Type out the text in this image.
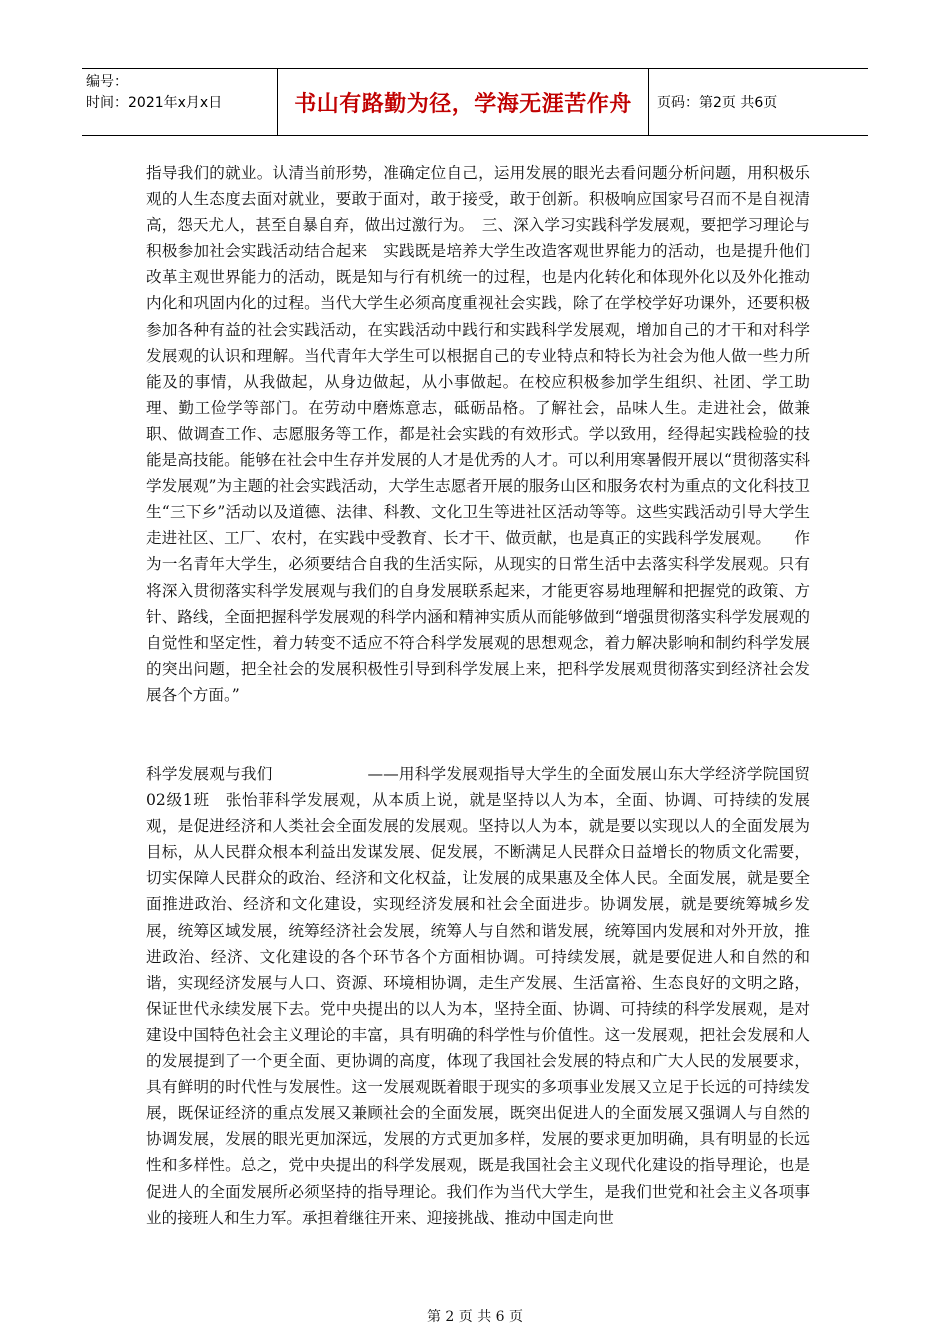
编号：
时间：2021年x月x日	书山有路勤为径，学海无涯苦作舟	页码：第2页 共6页
指导我们的就业。认清当前形势，准确定位自己，运用发展的眼光去看问题分析问题，用积极乐观的人生态度去面对就业，要敢于面对，敢于接受，敢于创新。积极响应国家号召而不是自视清高，怨天尤人，甚至自暴自弃，做出过激行为。　三、深入学习实践科学发展观，要把学习理论与积极参加社会实践活动结合起来　实践既是培养大学生改造客观世界能力的活动，也是提升他们改革主观世界能力的活动，既是知与行有机统一的过程，也是内化转化和体现外化以及外化推动内化和巩固内化的过程。当代大学生必须高度重视社会实践，除了在学校学好功课外，还要积极参加各种有益的社会实践活动，在实践活动中践行和实践科学发展观，增加自己的才干和对科学发展观的认识和理解。当代青年大学生可以根据自己的专业特点和特长为社会为他人做一些力所能及的事情，从我做起，从身边做起，从小事做起。在校应积极参加学生组织、社团、学工助理、勤工俭学等部门。在劳动中磨炼意志，砥砺品格。了解社会，品味人生。走进社会，做兼职、做调查工作、志愿服务等工作，都是社会实践的有效形式。学以致用，经得起实践检验的技能是高技能。能够在社会中生存并发展的人才是优秀的人才。可以利用寒暑假开展以“贯彻落实科学发展观”为主题的社会实践活动，大学生志愿者开展的服务山区和服务农村为重点的文化科技卫生“三下乡”活动以及道德、法律、科教、文化卫生等进社区活动等等。这些实践活动引导大学生走进社区、工厂、农村，在实践中受教育、长才干、做贡献，也是真正的实践科学发展观。　　作为一名青年大学生，必须要结合自我的生活实际，从现实的日常生活中去落实科学发展观。只有将深入贯彻落实科学发展观与我们的自身发展联系起来，才能更容易地理解和把握党的政策、方针、路线，全面把握科学发展观的科学内涵和精神实质从而能够做到“增强贯彻落实科学发展观的自觉性和坚定性，着力转变不适应不符合科学发展观的思想观念，着力解决影响和制约科学发展的突出问题，把全社会的发展积极性引导到科学发展上来，把科学发展观贯彻落实到经济社会发展各个方面。”
科学发展观与我们　　　　　　——用科学发展观指导大学生的全面发展山东大学经济学院国贸02级1班　张怡菲科学发展观，从本质上说，就是坚持以人为本，全面、协调、可持续的发展观，是促进经济和人类社会全面发展的发展观。坚持以人为本，就是要以实现以人的全面发展为目标，从人民群众根本利益出发谋发展、促发展，不断满足人民群众日益增长的物质文化需要，切实保障人民群众的政治、经济和文化权益，让发展的成果惠及全体人民。全面发展，就是要全面推进政治、经济和文化建设，实现经济发展和社会全面进步。协调发展，就是要统筹城乡发展，统筹区域发展，统筹经济社会发展，统筹人与自然和谐发展，统筹国内发展和对外开放，推进政治、经济、文化建设的各个环节各个方面相协调。可持续发展，就是要促进人和自然的和谐，实现经济发展与人口、资源、环境相协调，走生产发展、生活富裕、生态良好的文明之路，保证世代永续发展下去。党中央提出的以人为本，坚持全面、协调、可持续的科学发展观，是对建设中国特色社会主义理论的丰富，具有明确的科学性与价值性。这一发展观，把社会发展和人的发展提到了一个更全面、更协调的高度，体现了我国社会发展的特点和广大人民的发展要求，具有鲜明的时代性与发展性。这一发展观既着眼于现实的多项事业发展又立足于长远的可持续发展，既保证经济的重点发展又兼顾社会的全面发展，既突出促进人的全面发展又强调人与自然的协调发展，发展的眼光更加深远，发展的方式更加多样，发展的要求更加明确，具有明显的长远性和多样性。总之，党中央提出的科学发展观，既是我国社会主义现代化建设的指导理论，也是促进人的全面发展所必须坚持的指导理论。我们作为当代大学生，是我们世党和社会主义各项事业的接班人和生力军。承担着继往开来、迎接挑战、推动中国走向世
第 2 页 共 6 页
